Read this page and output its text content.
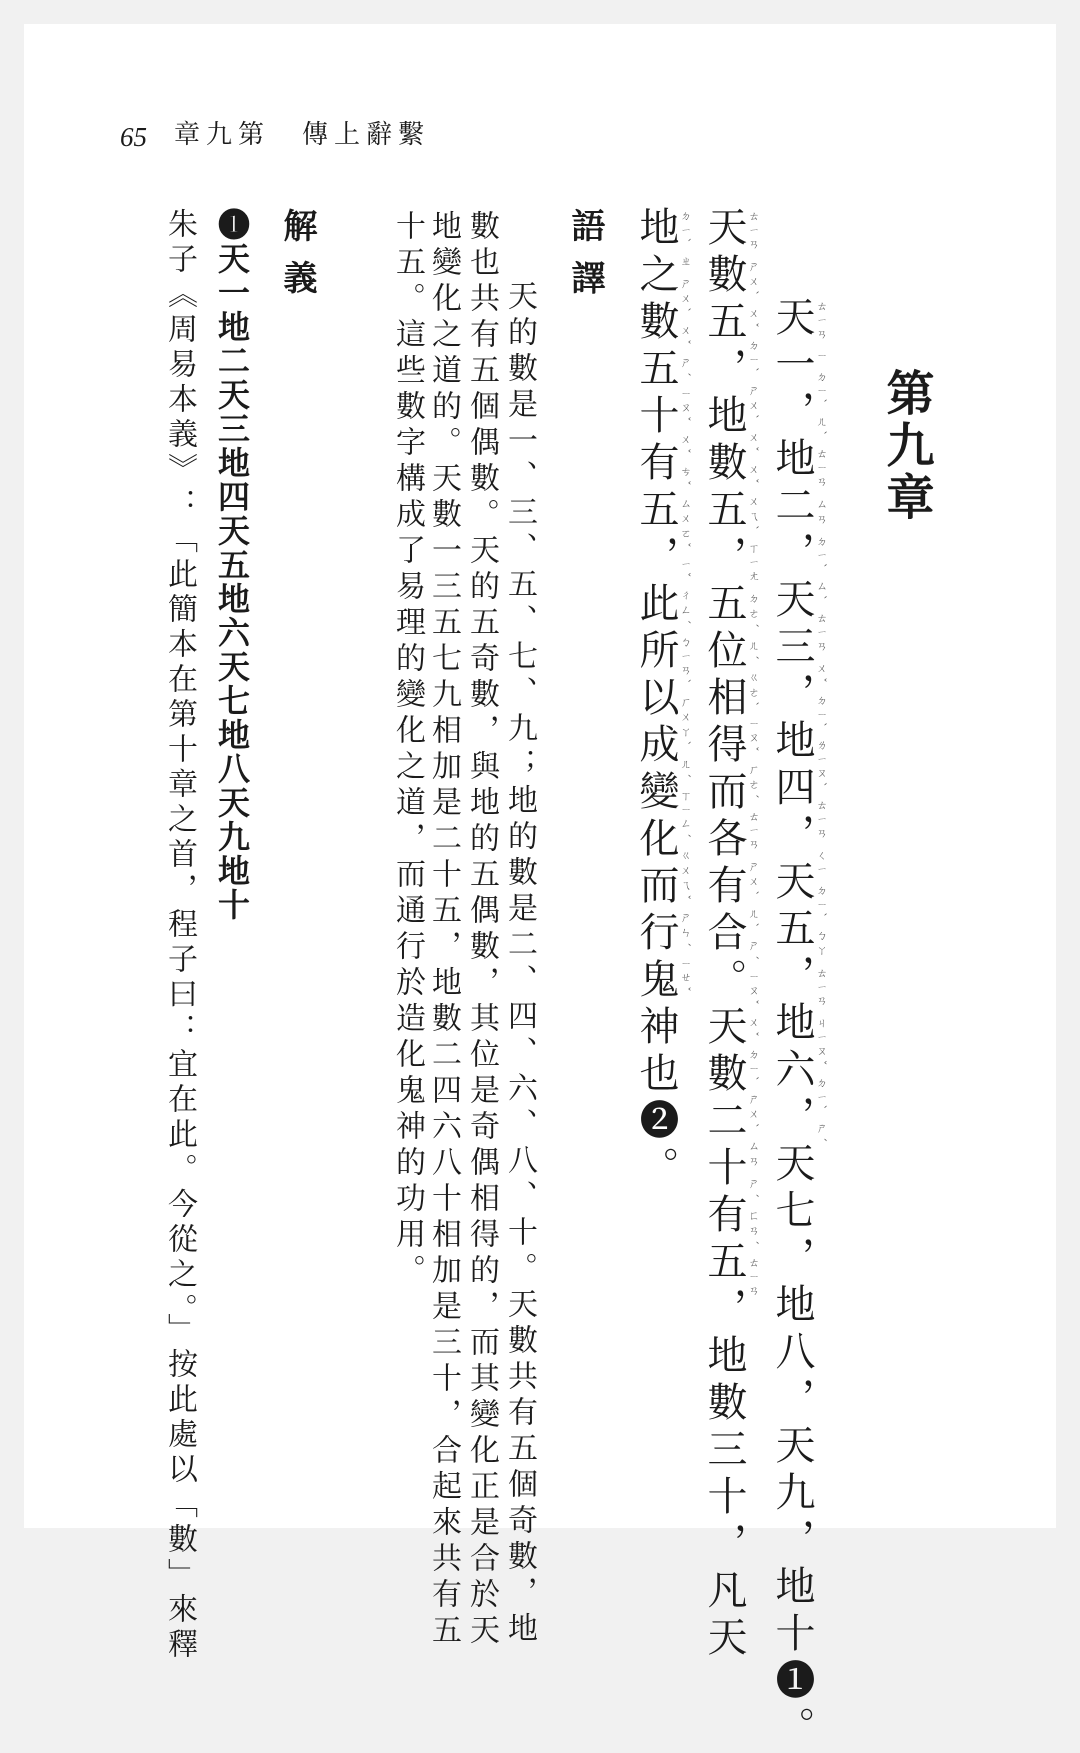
65 章九第　傳上辭繫
第九章
ㄊㄧㄢ ㄧ ㄉㄧˋ ㄦˋ ㄊㄧㄢ ㄙㄢ ㄉㄧˋ ㄙˋ ㄊㄧㄢ ㄨˇ ㄉㄧˋ ㄌㄧㄡˋ ㄊㄧㄢ ㄑㄧ ㄉㄧˋ ㄅㄚ ㄊㄧㄢ ㄐㄧㄡˇ ㄉㄧˋ ㄕˊ
天一，地二，天三，地四，天五，地六，天七，地八，天九，地十❶。
ㄊㄧㄢ ㄕㄨˋ ㄨˇ ㄉㄧˋ ㄕㄨˋ ㄨˇ ㄨˇ ㄨㄟˋ ㄒㄧㄤ ㄉㄜˊ ㄦˊ ㄍㄜˋ ㄧㄡˇ ㄏㄜˊ ㄊㄧㄢ ㄕㄨˋ ㄦˋ ㄕˊ ㄧㄡˇ ㄨˇ ㄉㄧˋ ㄕㄨˋ ㄙㄢ ㄕˊ ㄈㄢˊ ㄊㄧㄢ
天數五，地數五，五位相得而各有合。天數二十有五，地數三十，凡天
ㄉㄧˋ ㄓ ㄕㄨˋ ㄨˇ ㄕˊ ㄧㄡˇ ㄨˇ ㄘˇ ㄙㄨㄛˇ ㄧˇ ㄔㄥˊ ㄅㄧㄢˋ ㄏㄨㄚˋ ㄦˊ ㄒㄧㄥˊ ㄍㄨㄟˇ ㄕㄣˊ ㄧㄝˇ
地之數五十有五，此所以成變化而行鬼神也❷。
語譯
天的數是一、三、五、七、九；地的數是二、四、六、八、十。天數共有五個奇數，地
數也共有五個偶數。天的五奇數，與地的五偶數，其位是奇偶相得的，而其變化正是合於天
地變化之道的。天數一三五七九相加是二十五，地數二四六八十相加是三十，合起來共有五
十五。這些數字構成了易理的變化之道，而通行於造化鬼神的功用。
解義
❶天一地二天三地四天五地六天七地八天九地十
朱子《周易本義》：「此簡本在第十章之首，程子曰：宜在此。今從之。」按此處以「數」來釋
